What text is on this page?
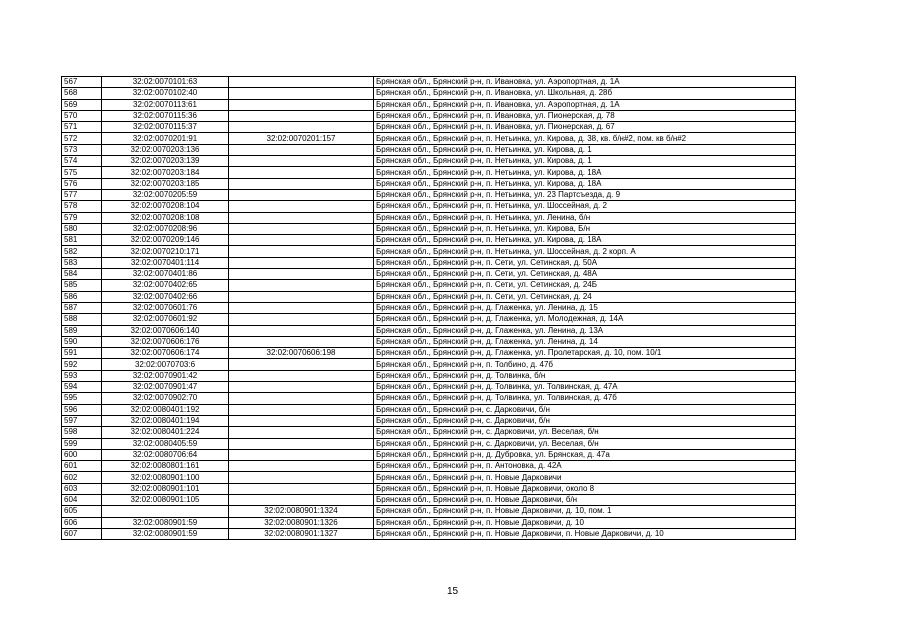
567	32:02:0070101:63		Брянская обл., Брянский р-н, п. Ивановка, ул. Аэропортная, д. 1А
568	32:02:0070102:40		Брянская обл., Брянский р-н, п. Ивановка, ул. Школьная, д. 28б
569	32:02:0070113:61		Брянская обл., Брянский р-н, п. Ивановка, ул. Аэропортная, д. 1А
570	32:02:0070115:36		Брянская обл., Брянский р-н, п. Ивановка, ул. Пионерская, д. 78
571	32:02:0070115:37		Брянская обл., Брянский р-н, п. Ивановка, ул. Пионерская, д. 67
572	32:02:0070201:91	32:02:0070201:157	Брянская обл., Брянский р-н, п. Нетьинка, ул. Кирова, д. 38, кв. б/н#2, пом. кв б/н#2
573	32:02:0070203:136		Брянская обл., Брянский р-н, п. Нетьинка, ул. Кирова, д. 1
574	32:02:0070203:139		Брянская обл., Брянский р-н, п. Нетьинка, ул. Кирова, д. 1
575	32:02:0070203:184		Брянская обл., Брянский р-н, п. Нетьинка, ул. Кирова, д. 18А
576	32:02:0070203:185		Брянская обл., Брянский р-н, п. Нетьинка, ул. Кирова, д. 18А
577	32:02:0070205:59		Брянская обл., Брянский р-н, п. Нетьинка, ул. 23 Партсъезда, д. 9
578	32:02:0070208:104		Брянская обл., Брянский р-н, п. Нетьинка, ул. Шоссейная, д. 2
579	32:02:0070208:108		Брянская обл., Брянский р-н, п. Нетьинка, ул. Ленина, б/н
580	32:02:0070208:96		Брянская обл., Брянский р-н, п. Нетьинка, ул. Кирова, Б/н
581	32:02:0070209:146		Брянская обл., Брянский р-н, п. Нетьинка, ул. Кирова, д. 18А
582	32:02:0070210:171		Брянская обл., Брянский р-н, п. Нетьинка, ул. Шоссейная, д. 2 корп. А
583	32:02:0070401:114		Брянская обл., Брянский р-н, п. Сети, ул. Сетинская, д. 50А
584	32:02:0070401:86		Брянская обл., Брянский р-н, п. Сети, ул. Сетинская, д. 48А
585	32:02:0070402:65		Брянская обл., Брянский р-н, п. Сети, ул. Сетинская, д. 24Б
586	32:02:0070402:66		Брянская обл., Брянский р-н, п. Сети, ул. Сетинская, д. 24
587	32:02:0070601:76		Брянская обл., Брянский р-н, д. Глаженка, ул. Ленина, д. 15
588	32:02:0070601:92		Брянская обл., Брянский р-н, д. Глаженка, ул. Молодежная, д. 14А
589	32:02:0070606:140		Брянская обл., Брянский р-н, д. Глаженка, ул. Ленина, д. 13А
590	32:02:0070606:176		Брянская обл., Брянский р-н, д. Глаженка, ул. Ленина, д. 14
591	32:02:0070606:174	32:02:0070606:198	Брянская обл., Брянский р-н, д. Глаженка, ул. Пролетарская, д. 10, пом. 10/1
592	32:02:0070703:6		Брянская обл., Брянский р-н, п. Толбино, д. 47б
593	32:02:0070901:42		Брянская обл., Брянский р-н, д. Толвинка, б/н
594	32:02:0070901:47		Брянская обл., Брянский р-н, д. Толвинка, ул. Толвинская, д. 47А
595	32:02:0070902:70		Брянская обл., Брянский р-н, д. Толвинка, ул. Толвинская, д. 47б
596	32:02:0080401:192		Брянская обл., Брянский р-н, с. Дарковичи, б/н
597	32:02:0080401:194		Брянская обл., Брянский р-н, с. Дарковичи, б/н
598	32:02:0080401:224		Брянская обл., Брянский р-н, с. Дарковичи, ул. Веселая, б/н
599	32:02:0080405:59		Брянская обл., Брянский р-н, с. Дарковичи, ул. Веселая, б/н
600	32:02:0080706:64		Брянская обл., Брянский р-н, д. Дубровка, ул. Брянская, д. 47а
601	32:02:0080801:161		Брянская обл., Брянский р-н, п. Антоновка, д. 42А
602	32:02:0080901:100		Брянская обл., Брянский р-н, п. Новые Дарковичи
603	32:02:0080901:101		Брянская обл., Брянский р-н, п. Новые Дарковичи, около 8
604	32:02:0080901:105		Брянская обл., Брянский р-н, п. Новые Дарковичи, б/н
605		32:02:0080901:1324	Брянская обл., Брянский р-н, п. Новые Дарковичи, д. 10, пом. 1
606	32:02:0080901:59	32:02:0080901:1326	Брянская обл., Брянский р-н, п. Новые Дарковичи, д. 10
607	32:02:0080901:59	32:02:0080901:1327	Брянская обл., Брянский р-н, п. Новые Дарковичи, п. Новые Дарковичи, д. 10
15
